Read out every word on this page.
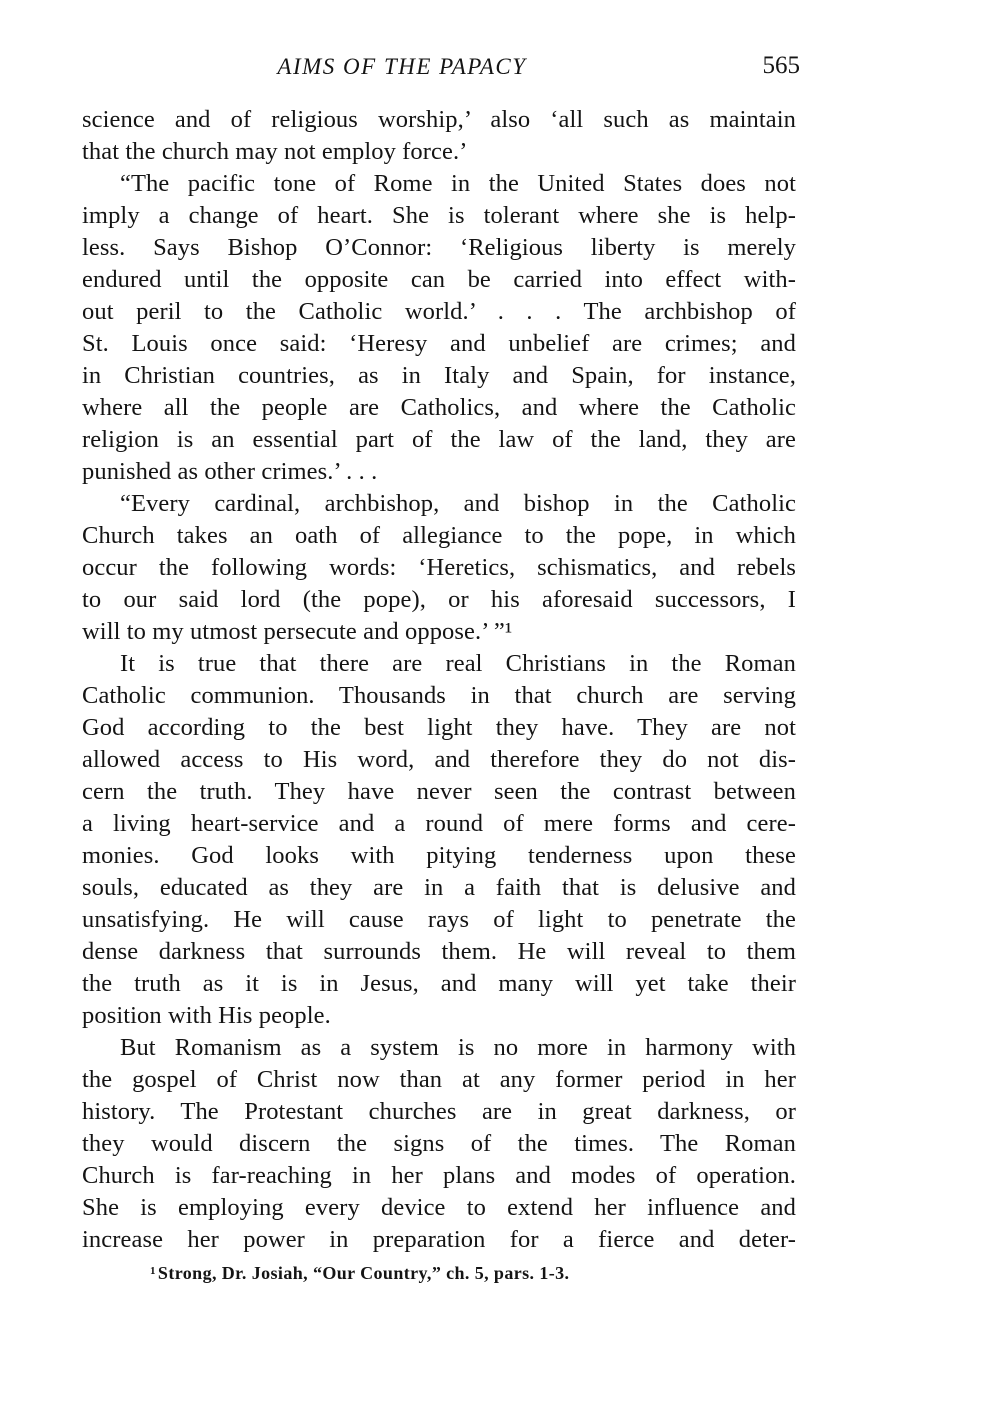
AIMS OF THE PAPACY	565
science and of religious worship,’ also ‘all such as maintain
that the church may not employ force.’
“The pacific tone of Rome in the United States does not
imply a change of heart. She is tolerant where she is help-
less. Says Bishop O’Connor: ‘Religious liberty is merely
endured until the opposite can be carried into effect with-
out peril to the Catholic world.’ . . . The archbishop of
St. Louis once said: ‘Heresy and unbelief are crimes; and
in Christian countries, as in Italy and Spain, for instance,
where all the people are Catholics, and where the Catholic
religion is an essential part of the law of the land, they are
punished as other crimes.’ . . .
“Every cardinal, archbishop, and bishop in the Catholic
Church takes an oath of allegiance to the pope, in which
occur the following words: ‘Heretics, schismatics, and rebels
to our said lord (the pope), or his aforesaid successors, I
will to my utmost persecute and oppose.’ ”¹
It is true that there are real Christians in the Roman
Catholic communion. Thousands in that church are serving
God according to the best light they have. They are not
allowed access to His word, and therefore they do not dis-
cern the truth. They have never seen the contrast between
a living heart-service and a round of mere forms and cere-
monies. God looks with pitying tenderness upon these
souls, educated as they are in a faith that is delusive and
unsatisfying. He will cause rays of light to penetrate the
dense darkness that surrounds them. He will reveal to them
the truth as it is in Jesus, and many will yet take their
position with His people.
But Romanism as a system is no more in harmony with
the gospel of Christ now than at any former period in her
history. The Protestant churches are in great darkness, or
they would discern the signs of the times. The Roman
Church is far-reaching in her plans and modes of operation.
She is employing every device to extend her influence and
increase her power in preparation for a fierce and deter-
$^1$ Strong, Dr. Josiah, “Our Country,” ch. 5, pars. 1-3.
